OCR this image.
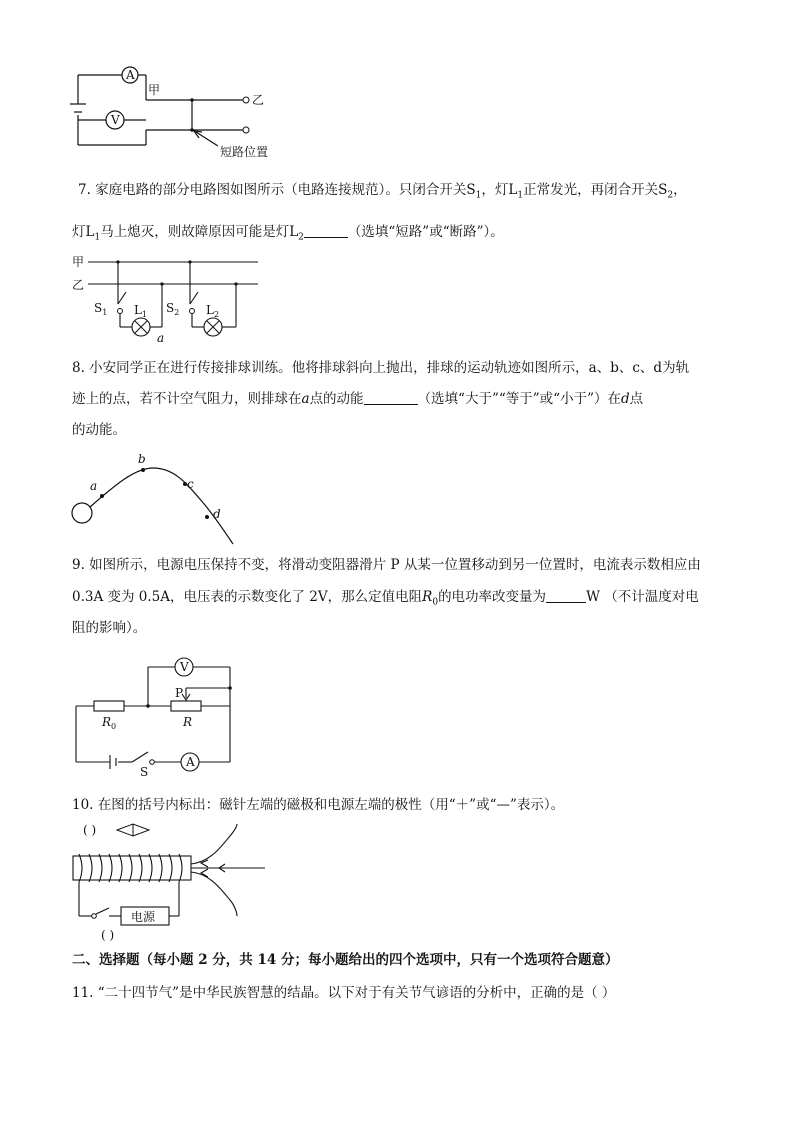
A
V
甲
乙
短路位置
7. 家庭电路的部分电路图如图所示（电路连接规范）。只闭合开关$S_1$，灯$L_1$正常发光，再闭合开关$S_2$，
灯$L_1$马上熄灭，则故障原因可能是灯$L_2$	（选填“短路”或“断路”）。
甲
乙
$S_1$ $L_1$ $S_2$ $L_2$
a
8. 小安同学正在进行传接排球训练。他将排球斜向上抛出，排球的运动轨迹如图所示，a、b、c、d为轨
迹上的点，若不计空气阻力，则排球在a点的动能	（选填“大于”“等于”或“小于”）在d点
的动能。
a
b
c
d
9. 如图所示，电源电压保持不变，将滑动变阻器滑片 P 从某一位置移动到另一位置时，电流表示数相应由
0.3A 变为 0.5A，电压表的示数变化了 2V，那么定值电阻$R_0$的电功率改变量为	W （不计温度对电
阻的影响）。
V
A
P
$R_0$	R
S
10. 在图的括号内标出：磁针左端的磁极和电源左端的极性（用“＋”或“—”表示）。
( )
电源
( )
二、选择题（每小题 2 分，共 14 分；每小题给出的四个选项中，只有一个选项符合题意）
11. “二十四节气”是中华民族智慧的结晶。以下对于有关节气谚语的分析中，正确的是（ ）
